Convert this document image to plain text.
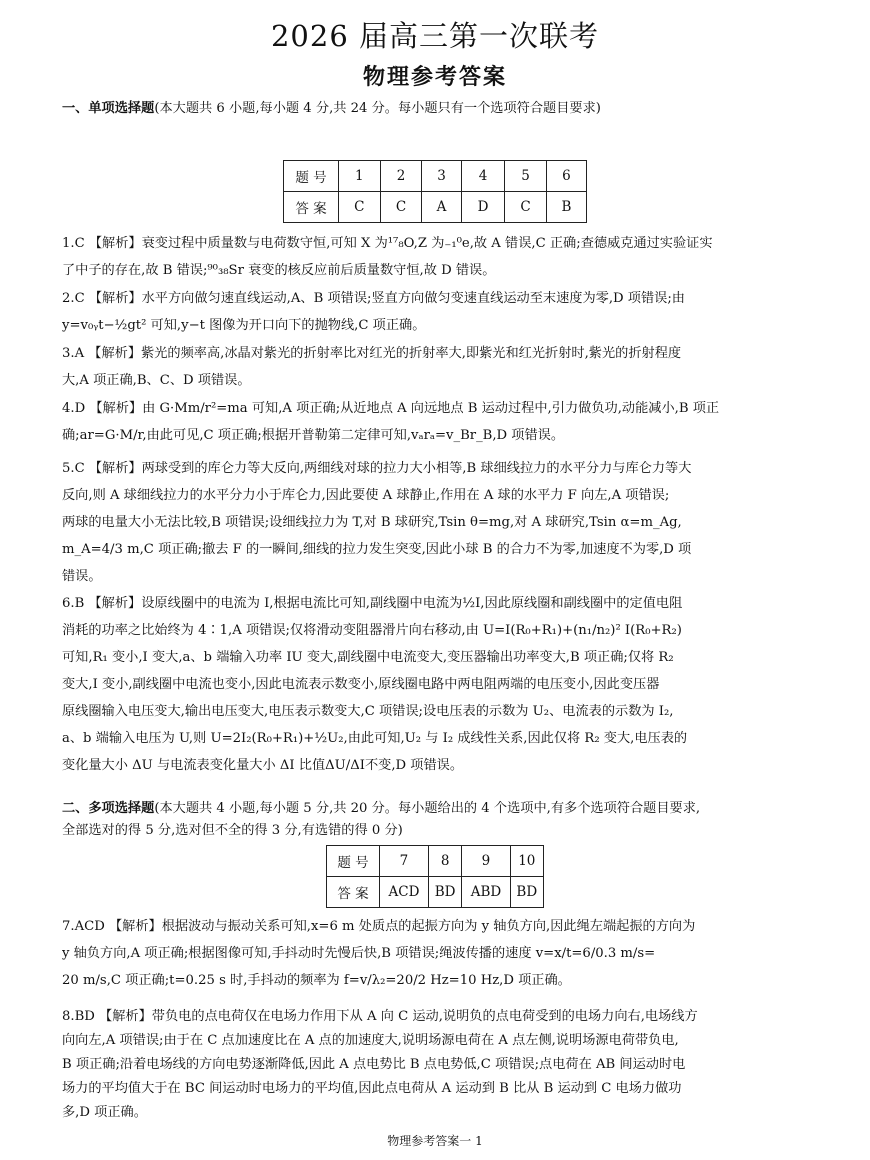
2026 届高三第一次联考
物理参考答案
一、单项选择题(本大题共 6 小题,每小题 4 分,共 24 分。每小题只有一个选项符合题目要求)
题 号	1	2	3	4	5	6
答 案	C	C	A	D	C	B
1.C 【解析】衰变过程中质量数与电荷数守恒,可知 X 为¹⁷₈O,Z 为₋₁⁰e,故 A 错误,C 正确;查德威克通过实验证实
了中子的存在,故 B 错误;⁹⁰₃₈Sr 衰变的核反应前后质量数守恒,故 D 错误。
2.C 【解析】水平方向做匀速直线运动,A、B 项错误;竖直方向做匀变速直线运动至末速度为零,D 项错误;由
y=v₀ᵧt−½gt² 可知,y−t 图像为开口向下的抛物线,C 项正确。
3.A 【解析】紫光的频率高,冰晶对紫光的折射率比对红光的折射率大,即紫光和红光折射时,紫光的折射程度
大,A 项正确,B、C、D 项错误。
4.D 【解析】由 G·Mm/r²=ma 可知,A 项正确;从近地点 A 向远地点 B 运动过程中,引力做负功,动能减小,B 项正
确;ar=G·M/r,由此可见,C 项正确;根据开普勒第二定律可知,vₐrₐ=v_Br_B,D 项错误。
5.C 【解析】两球受到的库仑力等大反向,两细线对球的拉力大小相等,B 球细线拉力的水平分力与库仑力等大
反向,则 A 球细线拉力的水平分力小于库仑力,因此要使 A 球静止,作用在 A 球的水平力 F 向左,A 项错误;
两球的电量大小无法比较,B 项错误;设细线拉力为 T,对 B 球研究,Tsin θ=mg,对 A 球研究,Tsin α=m_Ag,
m_A=4/3 m,C 项正确;撤去 F 的一瞬间,细线的拉力发生突变,因此小球 B 的合力不为零,加速度不为零,D 项
错误。
6.B 【解析】设原线圈中的电流为 I,根据电流比可知,副线圈中电流为½I,因此原线圈和副线圈中的定值电阻
消耗的功率之比始终为 4∶1,A 项错误;仅将滑动变阻器滑片向右移动,由 U=I(R₀+R₁)+(n₁/n₂)² I(R₀+R₂)
可知,R₁ 变小,I 变大,a、b 端输入功率 IU 变大,副线圈中电流变大,变压器输出功率变大,B 项正确;仅将 R₂
变大,I 变小,副线圈中电流也变小,因此电流表示数变小,原线圈电路中两电阻两端的电压变小,因此变压器
原线圈输入电压变大,输出电压变大,电压表示数变大,C 项错误;设电压表的示数为 U₂、电流表的示数为 I₂,
a、b 端输入电压为 U,则 U=2I₂(R₀+R₁)+½U₂,由此可知,U₂ 与 I₂ 成线性关系,因此仅将 R₂ 变大,电压表的
变化量大小 ΔU 与电流表变化量大小 ΔI 比值ΔU/ΔI不变,D 项错误。
二、多项选择题(本大题共 4 小题,每小题 5 分,共 20 分。每小题给出的 4 个选项中,有多个选项符合题目要求,
全部选对的得 5 分,选对但不全的得 3 分,有选错的得 0 分)
题 号	7	8	9	10
答 案	ACD	BD	ABD	BD
7.ACD 【解析】根据波动与振动关系可知,x=6 m 处质点的起振方向为 y 轴负方向,因此绳左端起振的方向为
y 轴负方向,A 项正确;根据图像可知,手抖动时先慢后快,B 项错误;绳波传播的速度 v=x/t=6/0.3 m/s=
20 m/s,C 项正确;t=0.25 s 时,手抖动的频率为 f=v/λ₂=20/2 Hz=10 Hz,D 项正确。
8.BD 【解析】带负电的点电荷仅在电场力作用下从 A 向 C 运动,说明负的点电荷受到的电场力向右,电场线方
向向左,A 项错误;由于在 C 点加速度比在 A 点的加速度大,说明场源电荷在 A 点左侧,说明场源电荷带负电,
B 项正确;沿着电场线的方向电势逐渐降低,因此 A 点电势比 B 点电势低,C 项错误;点电荷在 AB 间运动时电
场力的平均值大于在 BC 间运动时电场力的平均值,因此点电荷从 A 运动到 B 比从 B 运动到 C 电场力做功
多,D 项正确。
物理参考答案一 1
